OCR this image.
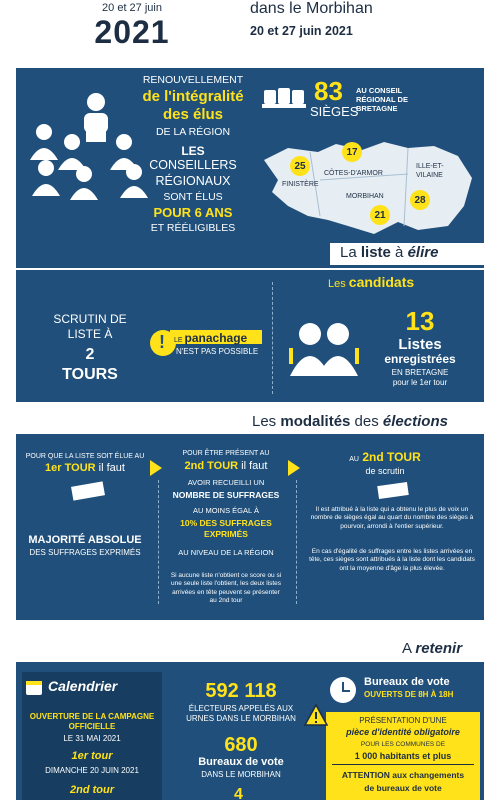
20 et 27 juin
2021
dans le Morbihan
20 et 27 juin 2021
RENOUVELLEMENT
de l'intégralité
des élus
DE LA RÉGION
LES
CONSEILLERS
RÉGIONAUX
SONT ÉLUS
POUR 6 ANS
ET RÉÉLIGIBLES
83
SIÈGES
AU CONSEIL RÉGIONAL DE BRETAGNE
25
FINISTÈRE
17
CÔTES-D'ARMOR
ILLE-ET-VILAINE
28
MORBIHAN
21
La liste à élire
SCRUTIN DE LISTE À
2
TOURS
! LE panachage
N'EST PAS POSSIBLE
Les candidats
13
Listes
enregistrées
EN BRETAGNE
pour le 1er tour
Les modalités des élections
POUR QUE LA LISTE SOIT ÉLUE AU
1er TOUR il faut
MAJORITÉ ABSOLUE
DES SUFFRAGES EXPRIMÉS
POUR ÊTRE PRÉSENT AU
2nd TOUR il faut
AVOIR RECUEILLI UN
NOMBRE DE SUFFRAGES
AU MOINS ÉGAL À
10% DES SUFFRAGES EXPRIMÉS
AU NIVEAU DE LA RÉGION
Si aucune liste n'obtient ce score ou si une seule liste l'obtient, les deux listes arrivées en tête peuvent se présenter au 2nd tour
AU 2nd TOUR
de scrutin
Il est attribué à la liste qui a obtenu le plus de voix un nombre de sièges égal au quart du nombre des sièges à pourvoir, arrondi à l'entier supérieur.
En cas d'égalité de suffrages entre les listes arrivées en tête, ces sièges sont attribués à la liste dont les candidats ont la moyenne d'âge la plus élevée.
A retenir
Calendrier
OUVERTURE DE LA CAMPAGNE OFFICIELLE
LE 31 MAI 2021
1er tour
DIMANCHE 20 JUIN 2021
2nd tour
592 118
ÉLECTEURS APPELÉS AUX URNES DANS LE MORBIHAN
680
Bureaux de vote
DANS LE MORBIHAN
4
Bureaux de vote
OUVERTS DE 8H À 18H
PRÉSENTATION D'UNE
pièce d'identité obligatoire
POUR LES COMMUNES DE
1 000 habitants et plus
ATTENTION aux changements
de bureaux de vote
